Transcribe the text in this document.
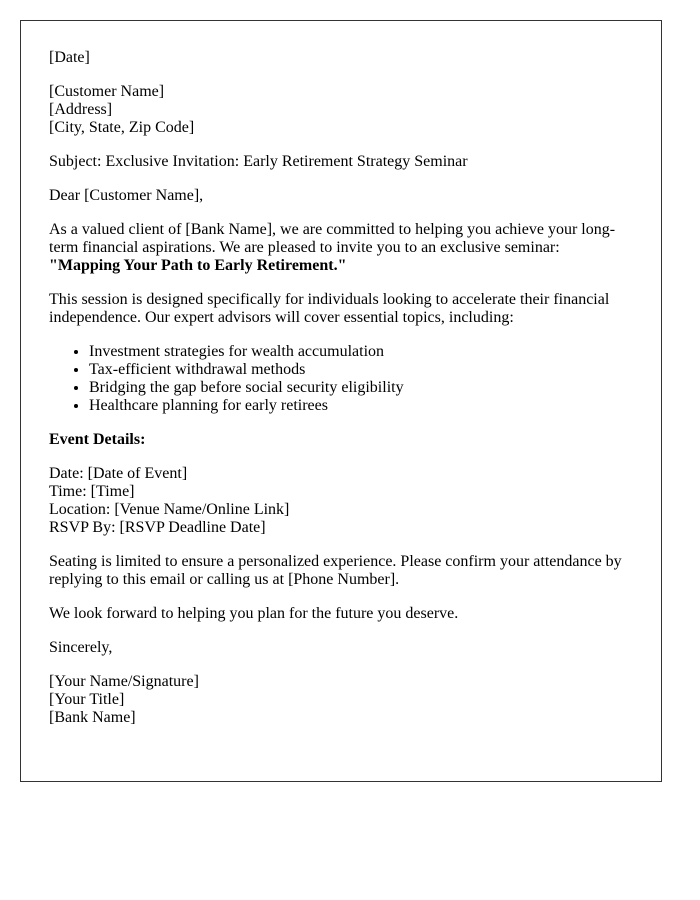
[Date]

[Customer Name]
[Address]
[City, State, Zip Code]

Subject: Exclusive Invitation: Early Retirement Strategy Seminar

Dear [Customer Name],

As a valued client of [Bank Name], we are committed to helping you achieve your long-term financial aspirations. We are pleased to invite you to an exclusive seminar:
"Mapping Your Path to Early Retirement."

This session is designed specifically for individuals looking to accelerate their financial independence. Our expert advisors will cover essential topics, including:

• Investment strategies for wealth accumulation
• Tax-efficient withdrawal methods
• Bridging the gap before social security eligibility
• Healthcare planning for early retirees

Event Details:

Date: [Date of Event]
Time: [Time]
Location: [Venue Name/Online Link]
RSVP By: [RSVP Deadline Date]

Seating is limited to ensure a personalized experience. Please confirm your attendance by replying to this email or calling us at [Phone Number].

We look forward to helping you plan for the future you deserve.

Sincerely,

[Your Name/Signature]
[Your Title]
[Bank Name]
